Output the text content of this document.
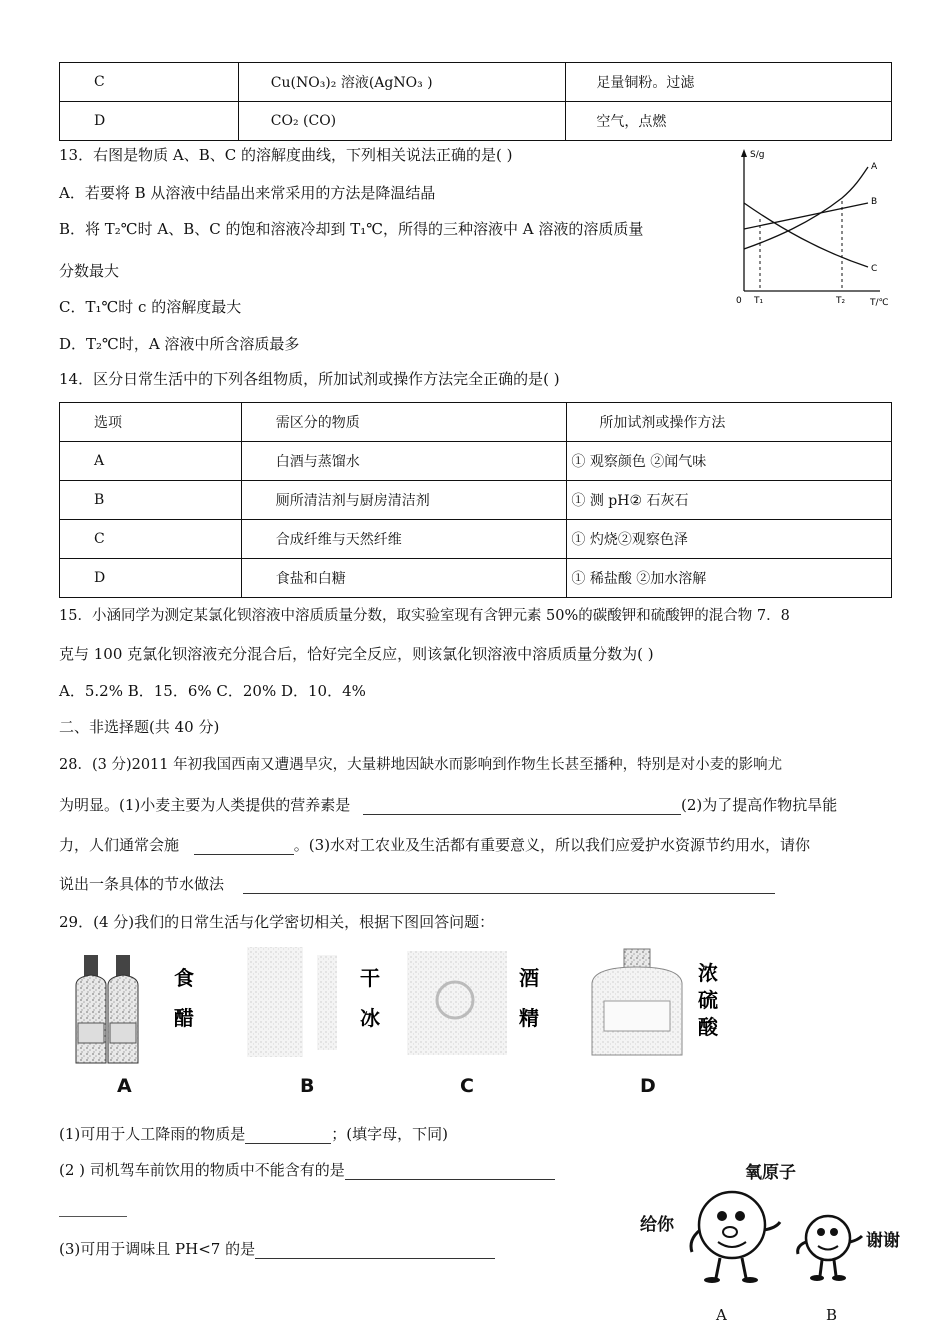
C	Cu(NO₃)₂ 溶液(AgNO₃ )	足量铜粉。过滤
D	CO₂ (CO)	空气，点燃
13．右图是物质 A、B、C 的溶解度曲线，下列相关说法正确的是( )
A．若要将 B 从溶液中结晶出来常采用的方法是降温结晶
B．将 T₂℃时 A、B、C 的饱和溶液冷却到 T₁℃，所得的三种溶液中 A 溶液的溶质质量
分数最大
C．T₁℃时 c 的溶解度最大
D．T₂℃时，A 溶液中所含溶质最多
S/g
0 T₁	T₂	T/℃
A
B
C
14．区分日常生活中的下列各组物质，所加试剂或操作方法完全正确的是( )
选项	需区分的物质	所加试剂或操作方法
A	白酒与蒸馏水	① 观察颜色 ②闻气味
B	厕所清洁剂与厨房清洁剂	① 测 pH② 石灰石
C	合成纤维与天然纤维	① 灼烧②观察色泽
D	食盐和白糖	① 稀盐酸 ②加水溶解
15．小涵同学为测定某氯化钡溶液中溶质质量分数，取实验室现有含钾元素 50%的碳酸钾和硫酸钾的混合物 7．8
克与 100 克氯化钡溶液充分混合后，恰好完全反应，则该氯化钡溶液中溶质质量分数为( )
A．5.2% B．15．6% C．20% D．10．4%
二、非选择题(共 40 分)
28．(3 分)2011 年初我国西南又遭遇旱灾，大量耕地因缺水而影响到作物生长甚至播种，特别是对小麦的影响尤
为明显。(1)小麦主要为人类提供的营养素是	(2)为了提高作物抗旱能
力，人们通常会施	。(3)水对工农业及生活都有重要意义，所以我们应爱护水资源节约用水，请你
说出一条具体的节水做法
29．(4 分)我们的日常生活与化学密切相关，根据下图回答问题：
食
醋
干
冰
酒
精
浓
硫
酸
A	B	C	D
(1)可用于人工降雨的物质是	；(填字母，下同)
(2 ) 司机驾车前饮用的物质中不能含有的是
(3)可用于调味且 PH<7 的是
氧原子
给你
谢谢
A	B
